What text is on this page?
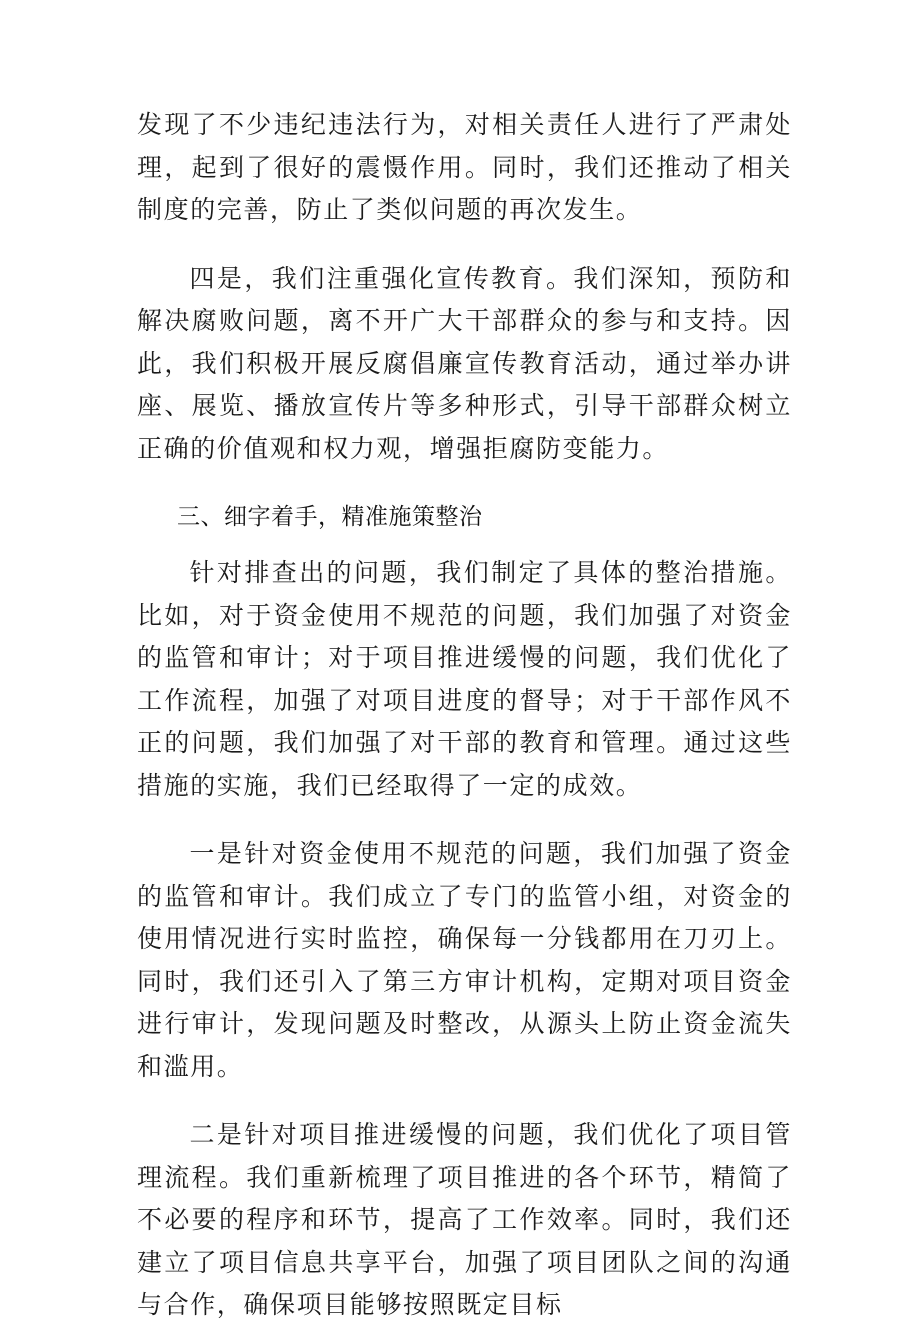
发现了不少违纪违法行为，对相关责任人进行了严肃处理，起到了很好的震慑作用。同时，我们还推动了相关制度的完善，防止了类似问题的再次发生。

四是，我们注重强化宣传教育。我们深知，预防和解决腐败问题，离不开广大干部群众的参与和支持。因此，我们积极开展反腐倡廉宣传教育活动，通过举办讲座、展览、播放宣传片等多种形式，引导干部群众树立正确的价值观和权力观，增强拒腐防变能力。

三、细字着手，精准施策整治

针对排查出的问题，我们制定了具体的整治措施。比如，对于资金使用不规范的问题，我们加强了对资金的监管和审计；对于项目推进缓慢的问题，我们优化了工作流程，加强了对项目进度的督导；对于干部作风不正的问题，我们加强了对干部的教育和管理。通过这些措施的实施，我们已经取得了一定的成效。

一是针对资金使用不规范的问题，我们加强了资金的监管和审计。我们成立了专门的监管小组，对资金的使用情况进行实时监控，确保每一分钱都用在刀刃上。同时，我们还引入了第三方审计机构，定期对项目资金进行审计，发现问题及时整改，从源头上防止资金流失和滥用。

二是针对项目推进缓慢的问题，我们优化了项目管理流程。我们重新梳理了项目推进的各个环节，精简了不必要的程序和环节，提高了工作效率。同时，我们还建立了项目信息共享平台，加强了项目团队之间的沟通与合作，确保项目能够按照既定目标
